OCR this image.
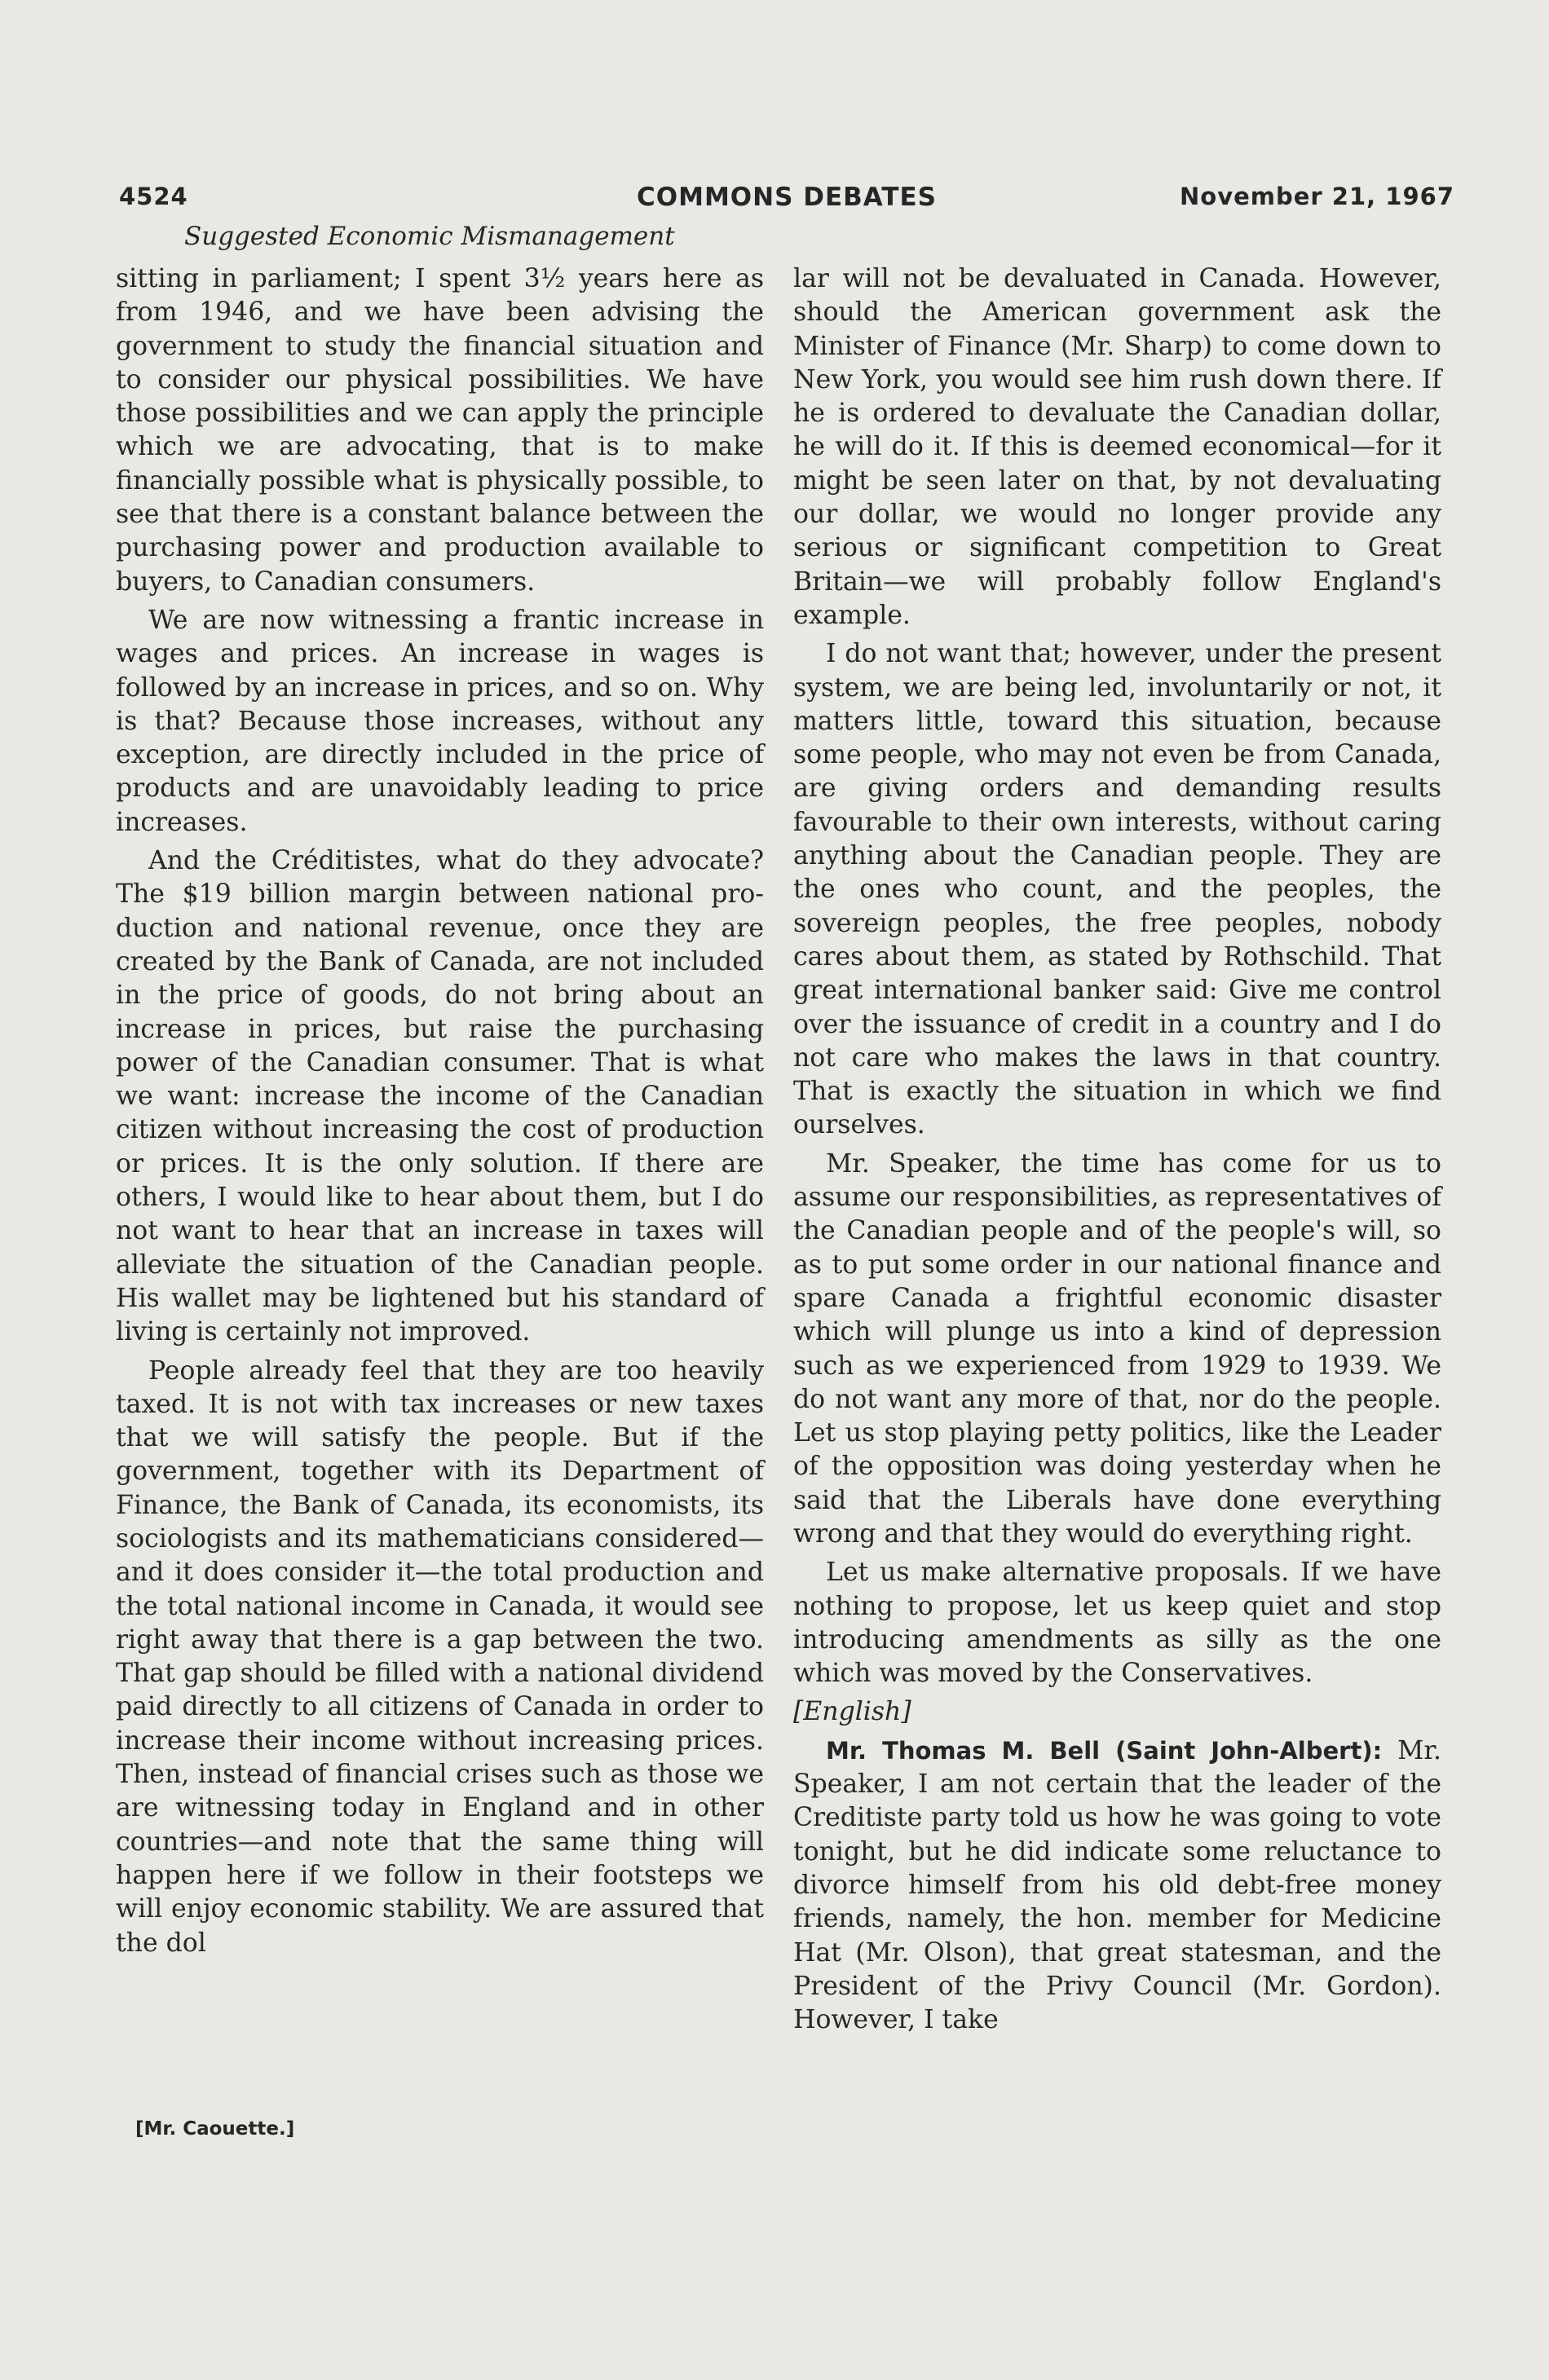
4524	COMMONS DEBATES	November 21, 1967
Suggested Economic Mismanagement

sitting in parliament; I spent 3½ years here as from 1946, and we have been advising the government to study the financial situation and to consider our physical possibilities. We have those possibilities and we can apply the principle which we are advocating, that is to make financially possible what is physically possible, to see that there is a constant balance between the purchasing power and production available to buyers, to Canadian consumers.

We are now witnessing a frantic increase in wages and prices. An increase in wages is followed by an increase in prices, and so on. Why is that? Because those increases, without any exception, are directly included in the price of products and are unavoidably leading to price increases.

And the Créditistes, what do they advocate? The $19 billion margin between national production and national revenue, once they are created by the Bank of Canada, are not included in the price of goods, do not bring about an increase in prices, but raise the purchasing power of the Canadian consumer. That is what we want: increase the income of the Canadian citizen without increasing the cost of production or prices. It is the only solution. If there are others, I would like to hear about them, but I do not want to hear that an increase in taxes will alleviate the situation of the Canadian people. His wallet may be lightened but his standard of living is certainly not improved.

People already feel that they are too heavily taxed. It is not with tax increases or new taxes that we will satisfy the people. But if the government, together with its Department of Finance, the Bank of Canada, its economists, its sociologists and its mathematicians considered—and it does consider it—the total production and the total national income in Canada, it would see right away that there is a gap between the two. That gap should be filled with a national dividend paid directly to all citizens of Canada in order to increase their income without increasing prices. Then, instead of financial crises such as those we are witnessing today in England and in other countries—and note that the same thing will happen here if we follow in their footsteps we will enjoy economic stability. We are assured that the dol

[Mr. Caouette.]

lar will not be devaluated in Canada. However, should the American government ask the Minister of Finance (Mr. Sharp) to come down to New York, you would see him rush down there. If he is ordered to devaluate the Canadian dollar, he will do it. If this is deemed economical—for it might be seen later on that, by not devaluating our dollar, we would no longer provide any serious or significant competition to Great Britain—we will probably follow England's example.

I do not want that; however, under the present system, we are being led, involuntarily or not, it matters little, toward this situation, because some people, who may not even be from Canada, are giving orders and demanding results favourable to their own interests, without caring anything about the Canadian people. They are the ones who count, and the peoples, the sovereign peoples, the free peoples, nobody cares about them, as stated by Rothschild. That great international banker said: Give me control over the issuance of credit in a country and I do not care who makes the laws in that country. That is exactly the situation in which we find ourselves.

Mr. Speaker, the time has come for us to assume our responsibilities, as representatives of the Canadian people and of the people's will, so as to put some order in our national finance and spare Canada a frightful economic disaster which will plunge us into a kind of depression such as we experienced from 1929 to 1939. We do not want any more of that, nor do the people. Let us stop playing petty politics, like the Leader of the opposition was doing yesterday when he said that the Liberals have done everything wrong and that they would do everything right.

Let us make alternative proposals. If we have nothing to propose, let us keep quiet and stop introducing amendments as silly as the one which was moved by the Conservatives.

[English]

Mr. Thomas M. Bell (Saint John-Albert): Mr. Speaker, I am not certain that the leader of the Creditiste party told us how he was going to vote tonight, but he did indicate some reluctance to divorce himself from his old debt-free money friends, namely, the hon. member for Medicine Hat (Mr. Olson), that great statesman, and the President of the Privy Council (Mr. Gordon). However, I take
